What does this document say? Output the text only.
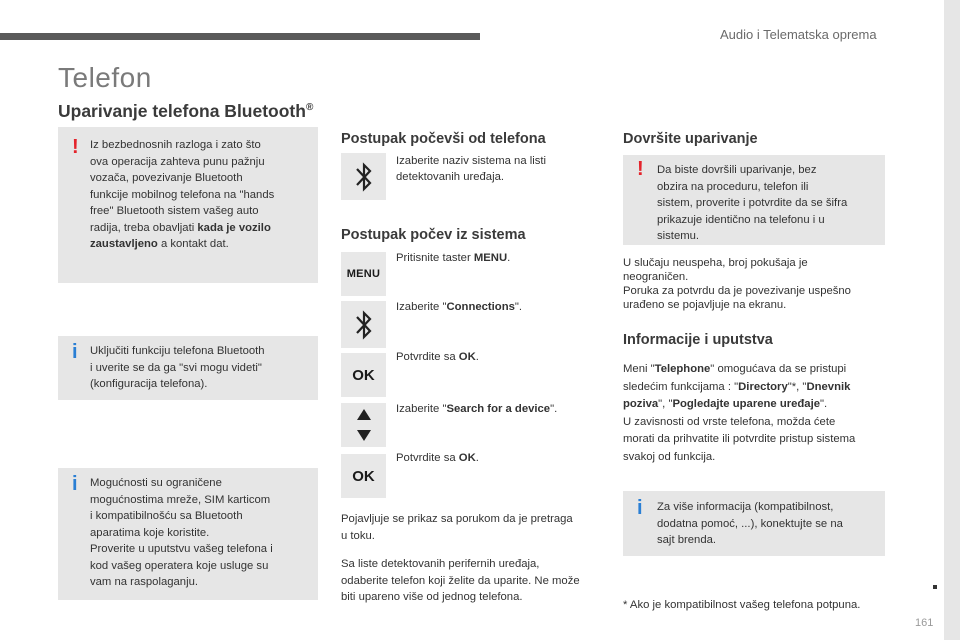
Audio i Telematska oprema
Telefon
Uparivanje telefona Bluetooth®
! Iz bezbednosnih razloga i zato što
ova operacija zahteva punu pažnju
vozača, povezivanje Bluetooth
funkcije mobilnog telefona na "hands
free" Bluetooth sistem vašeg auto
radija, treba obavljati kada je vozilo
zaustavljeno a kontakt dat.
i Uključiti funkciju telefona Bluetooth
i uverite se da ga "svi mogu videti"
(konfiguracija telefona).
i Mogućnosti su ograničene
mogućnostima mreže, SIM karticom
i kompatibilnošću sa Bluetooth
aparatima koje koristite.
Proverite u uputstvu vašeg telefona i
kod vašeg operatera koje usluge su
vam na raspolaganju.
Postupak počevši od telefona
Izaberite naziv sistema na listi
detektovanih uređaja.
Postupak počev iz sistema
MENU
Pritisnite taster MENU.
Izaberite "Connections".
OK
Potvrdite sa OK.
Izaberite "Search for a device".
OK
Potvrdite sa OK.
Pojavljuje se prikaz sa porukom da je pretraga
u toku.
Sa liste detektovanih perifernih uređaja,
odaberite telefon koji želite da uparite. Ne može
biti upareno više od jednog telefona.
Dovršite uparivanje
! Da biste dovršili uparivanje, bez
obzira na proceduru, telefon ili
sistem, proverite i potvrdite da se šifra
prikazuje identično na telefonu i u
sistemu.
U slučaju neuspeha, broj pokušaja je
neograničen.
Poruka za potvrdu da je povezivanje uspešno
urađeno se pojavljuje na ekranu.
Informacije i uputstva
Meni "Telephone" omogućava da se pristupi
sledećim funkcijama : "Directory"*, "Dnevnik
poziva", "Pogledajte uparene uređaje".
U zavisnosti od vrste telefona, možda ćete
morati da prihvatite ili potvrdite pristup sistema
svakoj od funkcija.
i Za više informacija (kompatibilnost,
dodatna pomoć, ...), konektujte se na
sajt brenda.
* Ako je kompatibilnost vašeg telefona potpuna.
161
